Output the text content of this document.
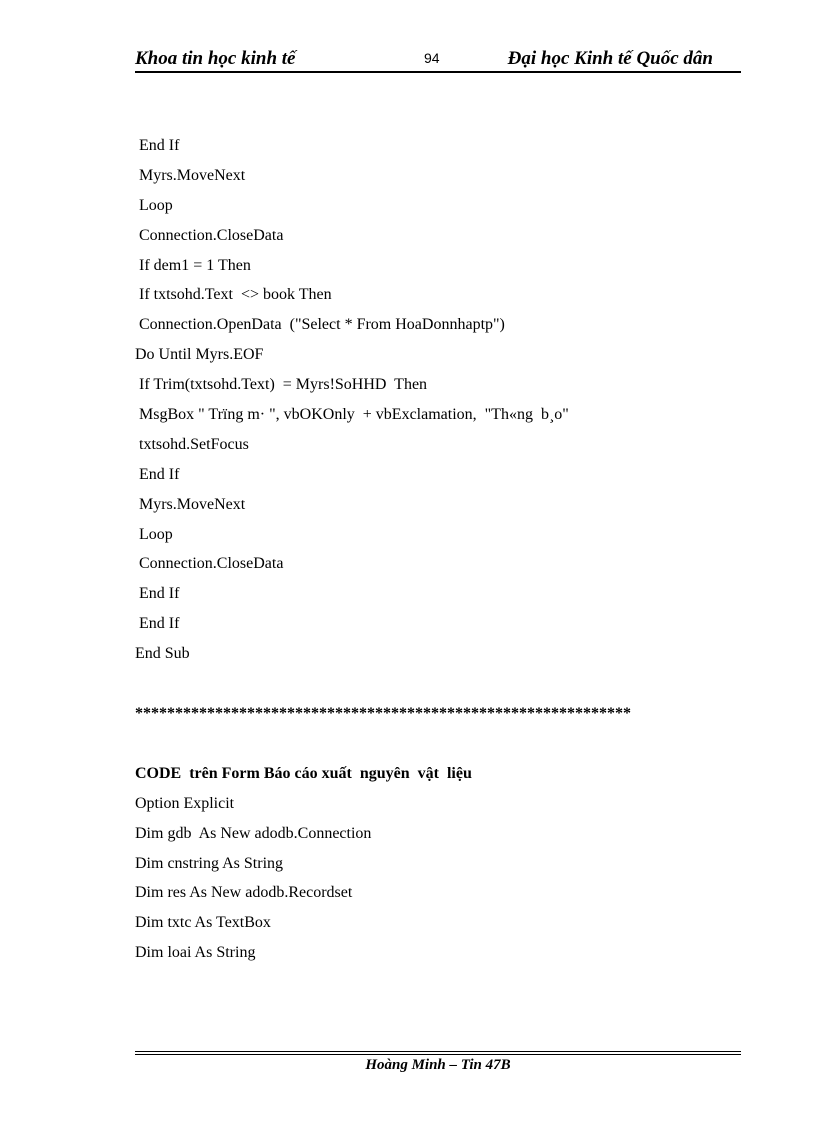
Khoa tin học kinh tế	94	Đại học Kinh tế Quốc dân
End If
Myrs.MoveNext
Loop
Connection.CloseData
If dem1 = 1 Then
If txtsohd.Text  <> book Then
Connection.OpenData  ("Select * From HoaDonnhaptp")
Do Until Myrs.EOF
If Trim(txtsohd.Text)  = Myrs!SoHHD  Then
MsgBox " Trïng m· ", vbOKOnly  + vbExclamation,  "Th«ng  b¸o"
txtsohd.SetFocus
End If
Myrs.MoveNext
Loop
Connection.CloseData
End If
End If
End Sub
**************************************************************
CODE  trên Form Báo cáo xuất  nguyên  vật  liệu
Option Explicit
Dim gdb  As New adodb.Connection
Dim cnstring As String
Dim res As New adodb.Recordset
Dim txtc As TextBox
Dim loai As String
Hoàng Minh – Tin 47B
